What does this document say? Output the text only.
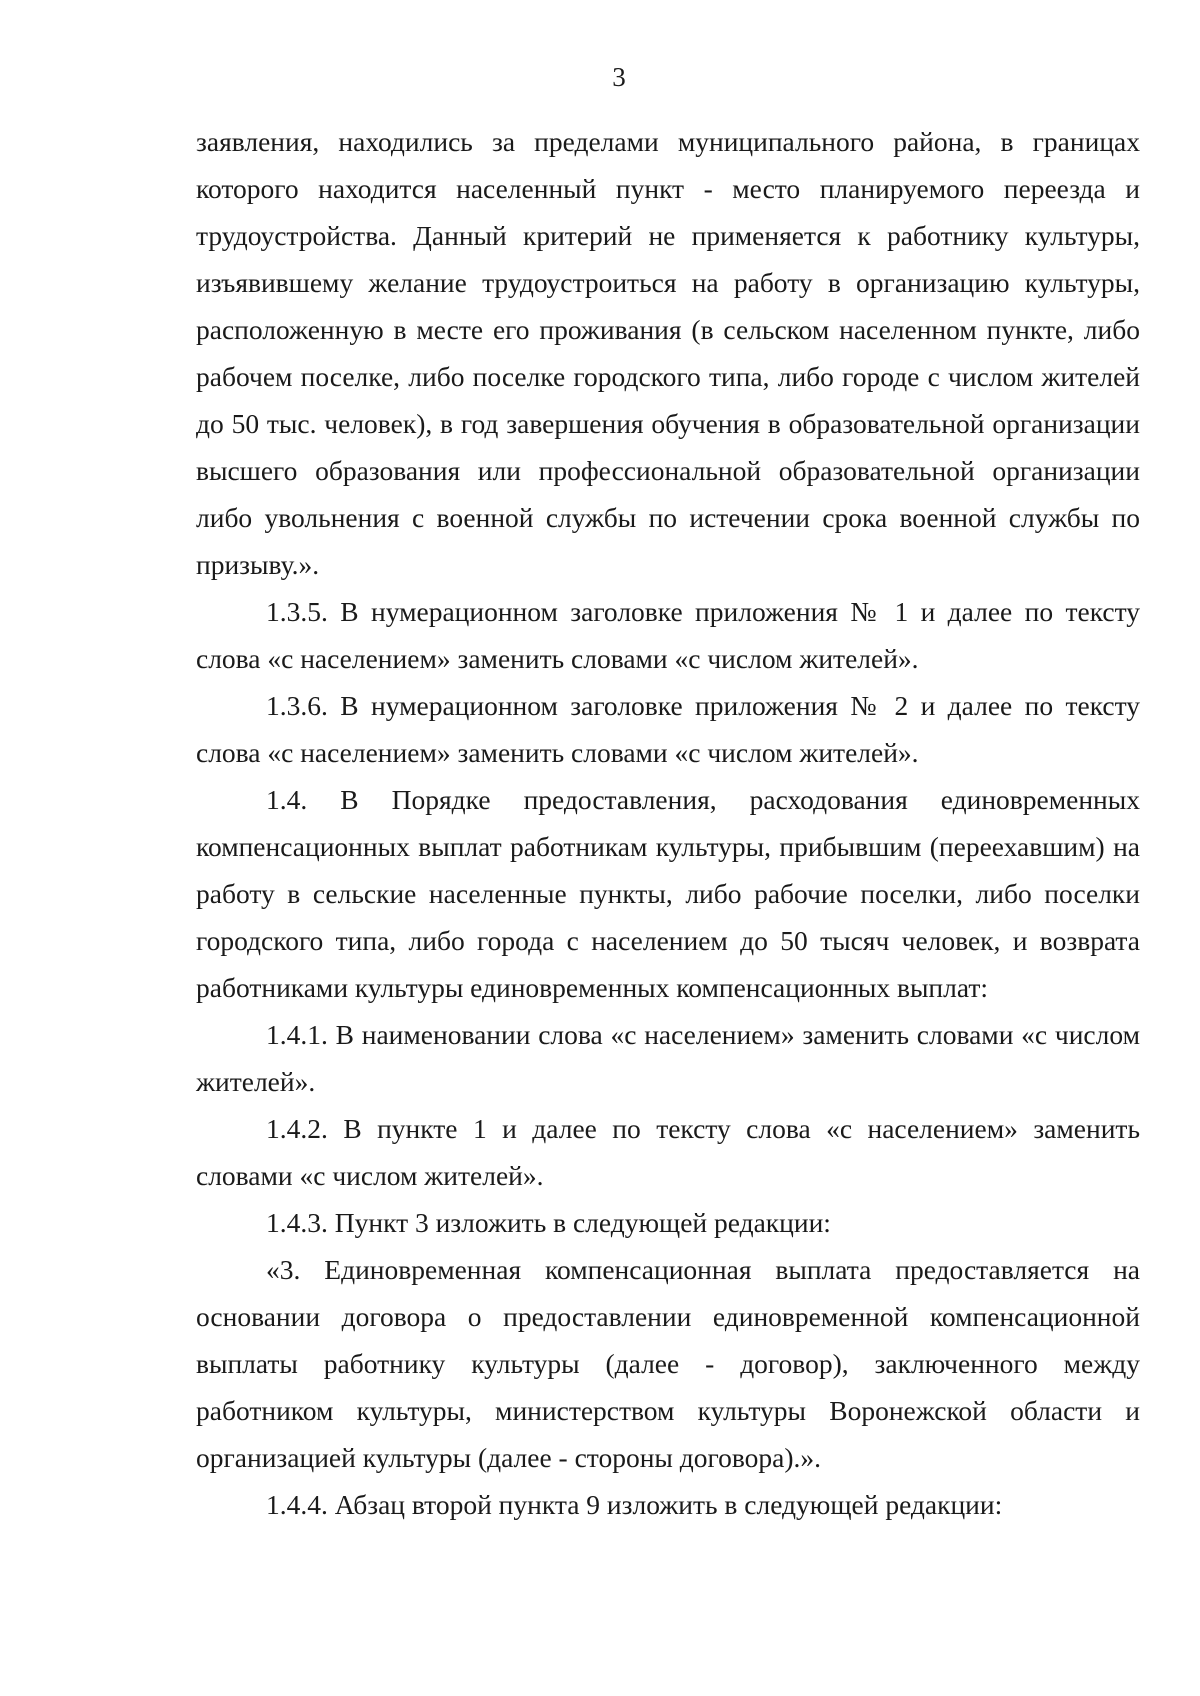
3

заявления, находились за пределами муниципального района, в границах которого находится населенный пункт - место планируемого переезда и трудоустройства. Данный критерий не применяется к работнику культуры, изъявившему желание трудоустроиться на работу в организацию культуры, расположенную в месте его проживания (в сельском населенном пункте, либо рабочем поселке, либо поселке городского типа, либо городе с числом жителей до 50 тыс. человек), в год завершения обучения в образовательной организации высшего образования или профессиональной образовательной организации либо увольнения с военной службы по истечении срока военной службы по призыву.».

1.3.5. В нумерационном заголовке приложения № 1 и далее по тексту слова «с населением» заменить словами «с числом жителей».

1.3.6. В нумерационном заголовке приложения № 2 и далее по тексту слова «с населением» заменить словами «с числом жителей».

1.4. В Порядке предоставления, расходования единовременных компенсационных выплат работникам культуры, прибывшим (переехавшим) на работу в сельские населенные пункты, либо рабочие поселки, либо поселки городского типа, либо города с населением до 50 тысяч человек, и возврата работниками культуры единовременных компенсационных выплат:

1.4.1. В наименовании слова «с населением» заменить словами «с числом жителей».

1.4.2. В пункте 1 и далее по тексту слова «с населением» заменить словами «с числом жителей».

1.4.3. Пункт 3 изложить в следующей редакции:

«3. Единовременная компенсационная выплата предоставляется на основании договора о предоставлении единовременной компенсационной выплаты работнику культуры (далее - договор), заключенного между работником культуры, министерством культуры Воронежской области и организацией культуры (далее - стороны договора).».

1.4.4. Абзац второй пункта 9 изложить в следующей редакции:
